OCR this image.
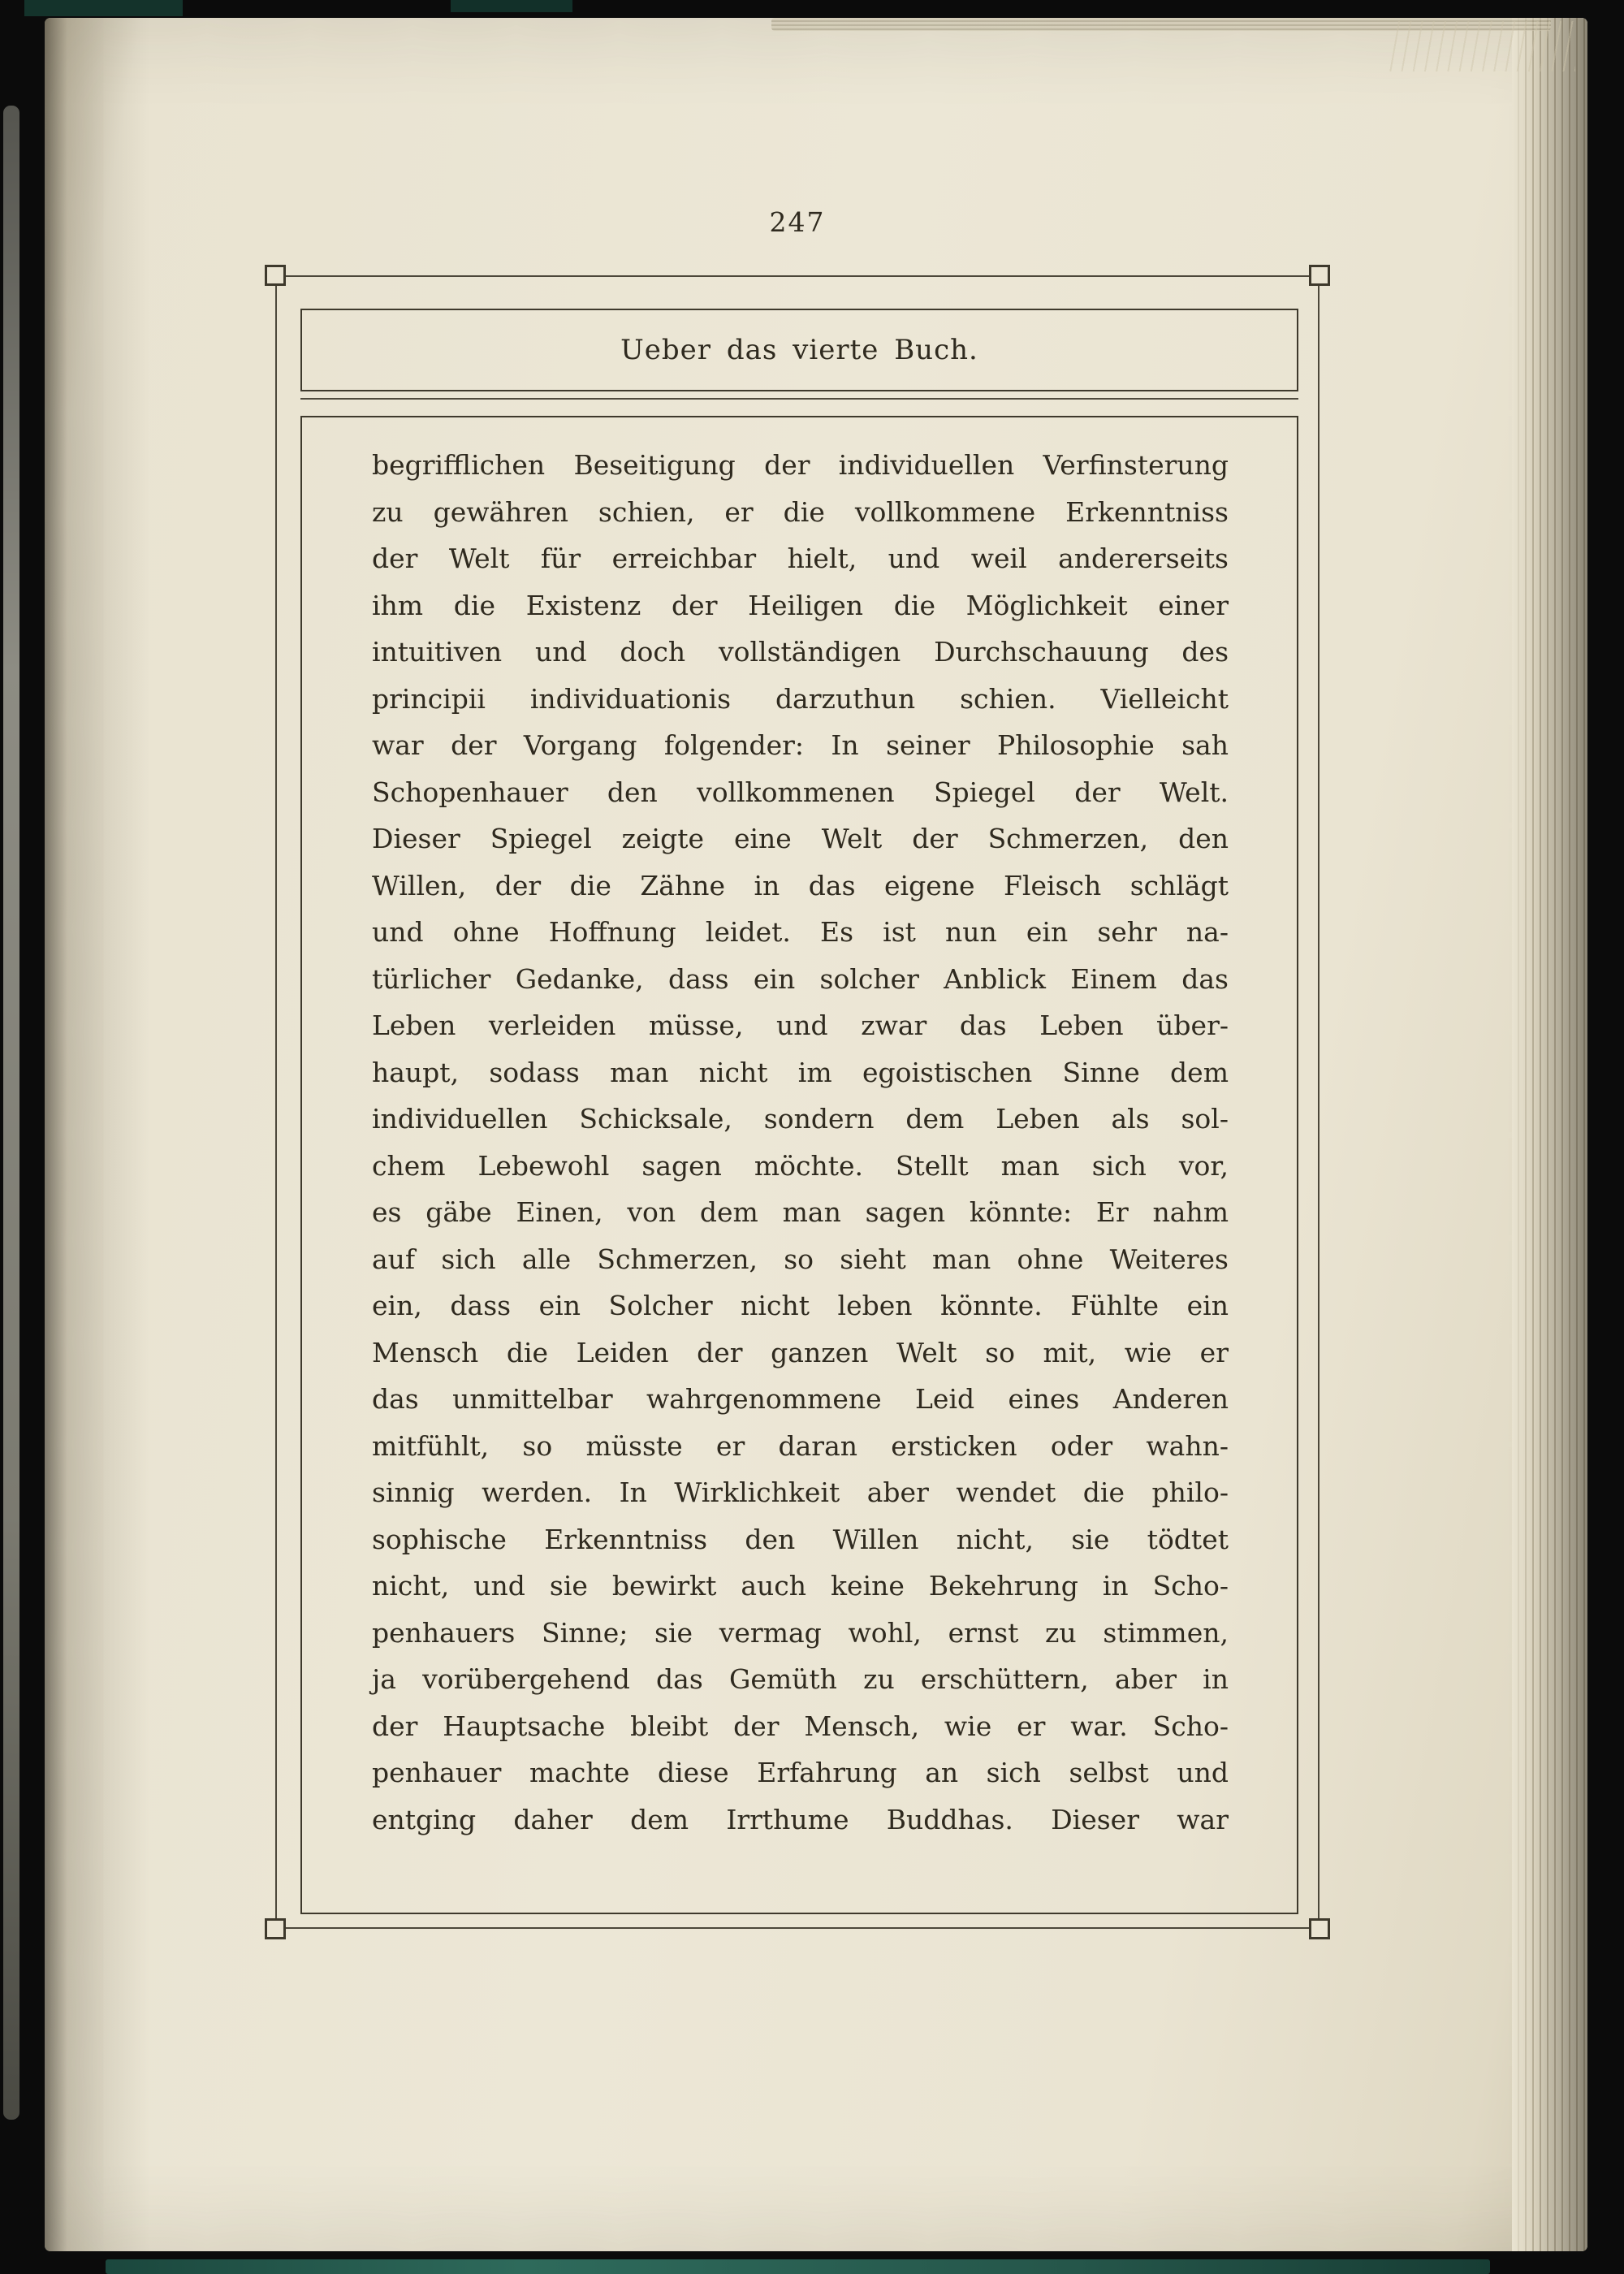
247
Ueber das vierte Buch.
begrifflichen Beseitigung der individuellen Verfinsterung
zu gewähren schien, er die vollkommene Erkenntniss
der Welt für erreichbar hielt, und weil andererseits
ihm die Existenz der Heiligen die Möglichkeit einer
intuitiven und doch vollständigen Durchschauung des
principii individuationis darzuthun schien. Vielleicht
war der Vorgang folgender: In seiner Philosophie sah
Schopenhauer den vollkommenen Spiegel der Welt.
Dieser Spiegel zeigte eine Welt der Schmerzen, den
Willen, der die Zähne in das eigene Fleisch schlägt
und ohne Hoffnung leidet. Es ist nun ein sehr na-
türlicher Gedanke, dass ein solcher Anblick Einem das
Leben verleiden müsse, und zwar das Leben über-
haupt, sodass man nicht im egoistischen Sinne dem
individuellen Schicksale, sondern dem Leben als sol-
chem Lebewohl sagen möchte. Stellt man sich vor,
es gäbe Einen, von dem man sagen könnte: Er nahm
auf sich alle Schmerzen, so sieht man ohne Weiteres
ein, dass ein Solcher nicht leben könnte. Fühlte ein
Mensch die Leiden der ganzen Welt so mit, wie er
das unmittelbar wahrgenommene Leid eines Anderen
mitfühlt, so müsste er daran ersticken oder wahn-
sinnig werden. In Wirklichkeit aber wendet die philo-
sophische Erkenntniss den Willen nicht, sie tödtet
nicht, und sie bewirkt auch keine Bekehrung in Scho-
penhauers Sinne; sie vermag wohl, ernst zu stimmen,
ja vorübergehend das Gemüth zu erschüttern, aber in
der Hauptsache bleibt der Mensch, wie er war. Scho-
penhauer machte diese Erfahrung an sich selbst und
entging daher dem Irrthume Buddhas. Dieser war
